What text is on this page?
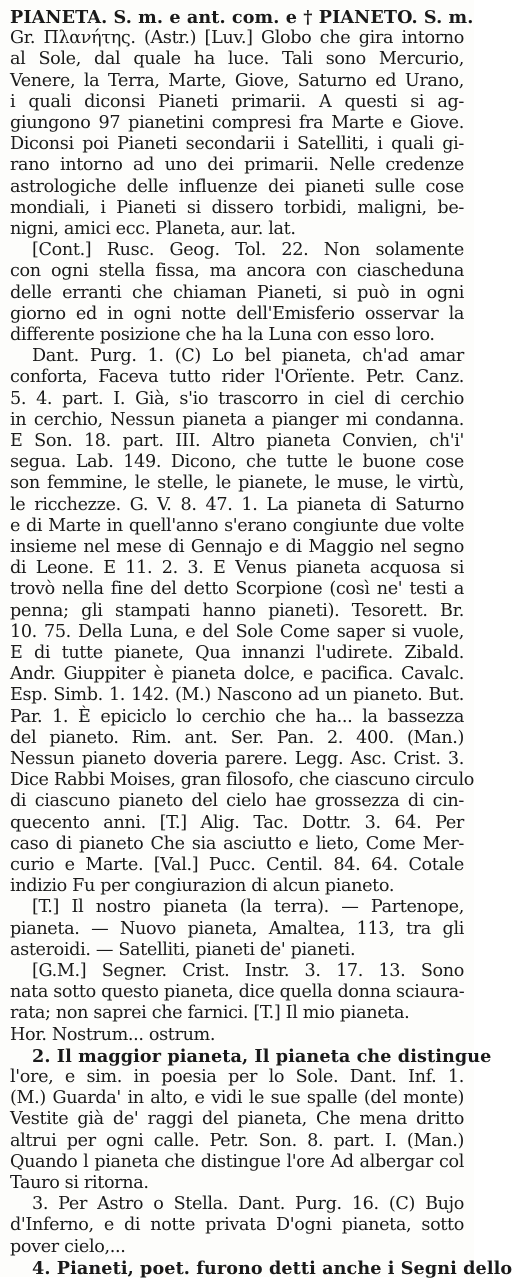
PIANETA. S. m. e ant. com. e † PIANETO. S. m.
Gr. Πλανήτης. (Astr.) [Luv.] Globo che gira intorno
al Sole, dal quale ha luce. Tali sono Mercurio,
Venere, la Terra, Marte, Giove, Saturno ed Urano,
i quali diconsi Pianeti primarii. A questi si ag-
giungono 97 pianetini compresi fra Marte e Giove.
Diconsi poi Pianeti secondarii i Satelliti, i quali gi-
rano intorno ad uno dei primarii. Nelle credenze
astrologiche delle influenze dei pianeti sulle cose
mondiali, i Pianeti si dissero torbidi, maligni, be-
nigni, amici ecc. Planeta, aur. lat.
[Cont.] Rusc. Geog. Tol. 22. Non solamente
con ogni stella fissa, ma ancora con ciascheduna
delle erranti che chiaman Pianeti, si può in ogni
giorno ed in ogni notte dell'Emisferio osservar la
differente posizione che ha la Luna con esso loro.
Dant. Purg. 1. (C) Lo bel pianeta, ch'ad amar
conforta, Faceva tutto rider l'Orïente. Petr. Canz.
5. 4. part. I. Già, s'io trascorro in ciel di cerchio
in cerchio, Nessun pianeta a pianger mi condanna.
E Son. 18. part. III. Altro pianeta Convien, ch'i'
segua. Lab. 149. Dicono, che tutte le buone cose
son femmine, le stelle, le pianete, le muse, le virtù,
le ricchezze. G. V. 8. 47. 1. La pianeta di Saturno
e di Marte in quell'anno s'erano congiunte due volte
insieme nel mese di Gennajo e di Maggio nel segno
di Leone. E 11. 2. 3. E Venus pianeta acquosa si
trovò nella fine del detto Scorpione (così ne' testi a
penna; gli stampati hanno pianeti). Tesorett. Br.
10. 75. Della Luna, e del Sole Come saper si vuole,
E di tutte pianete, Qua innanzi l'udirete. Zibald.
Andr. Giuppiter è pianeta dolce, e pacifica. Cavalc.
Esp. Simb. 1. 142. (M.) Nascono ad un pianeto. But.
Par. 1. È epiciclo lo cerchio che ha... la bassezza
del pianeto. Rim. ant. Ser. Pan. 2. 400. (Man.)
Nessun pianeto doveria parere. Legg. Asc. Crist. 3.
Dice Rabbi Moises, gran filosofo, che ciascuno circulo
di ciascuno pianeto del cielo hae grossezza di cin-
quecento anni. [T.] Alig. Tac. Dottr. 3. 64. Per
caso di pianeto Che sia asciutto e lieto, Come Mer-
curio e Marte. [Val.] Pucc. Centil. 84. 64. Cotale
indizio Fu per congiurazion di alcun pianeto.
[T.] Il nostro pianeta (la terra). — Partenope,
pianeta. — Nuovo pianeta, Amaltea, 113, tra gli
asteroidi. — Satelliti, pianeti de' pianeti.
[G.M.] Segner. Crist. Instr. 3. 17. 13. Sono
nata sotto questo pianeta, dice quella donna sciaura-
rata; non saprei che farnici. [T.] Il mio pianeta.
Hor. Nostrum... ostrum.
2. Il maggior pianeta, Il pianeta che distingue
l'ore, e sim. in poesia per lo Sole. Dant. Inf. 1.
(M.) Guarda' in alto, e vidi le sue spalle (del monte)
Vestite già de' raggi del pianeta, Che mena dritto
altrui per ogni calle. Petr. Son. 8. part. I. (Man.)
Quando l pianeta che distingue l'ore Ad albergar col
Tauro si ritorna.
3. Per Astro o Stella. Dant. Purg. 16. (C) Bujo
d'Inferno, e di notte privata D'ogni pianeta, sotto
pover cielo,...
4. Pianeti, poet. furono detti anche i Segni dello
